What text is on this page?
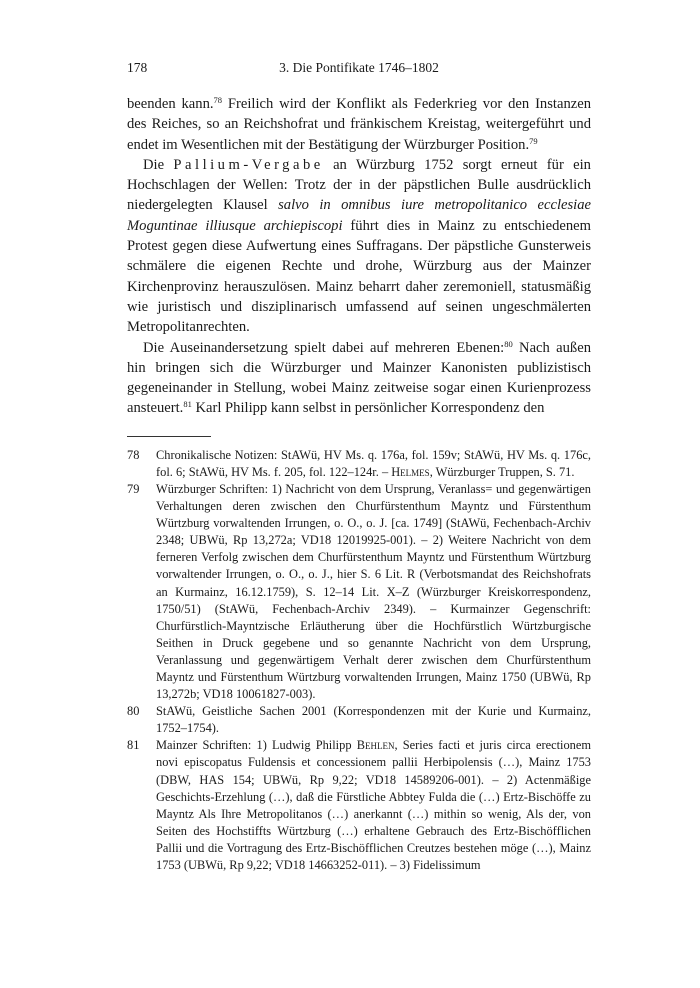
178	3. Die Pontifikate 1746–1802

beenden kann.$^{78}$ Freilich wird der Konflikt als Federkrieg vor den Instanzen des Reiches, so an Reichshofrat und fränkischem Kreistag, weitergeführt und endet im Wesentlichen mit der Bestätigung der Würzburger Position.$^{79}$

Die Pallium-Vergabe an Würzburg 1752 sorgt erneut für ein Hochschlagen der Wellen: Trotz der in der päpstlichen Bulle ausdrücklich niedergelegten Klausel salvo in omnibus iure metropolitanico ecclesiae Moguntinae illiusque archiepiscopi führt dies in Mainz zu entschiedenem Protest gegen diese Aufwertung eines Suffragans. Der päpstliche Gunsterweis schmälere die eigenen Rechte und drohe, Würzburg aus der Mainzer Kirchenprovinz herauszulösen. Mainz beharrt daher zeremoniell, statusmäßig wie juristisch und disziplinarisch umfassend auf seinen ungeschmälerten Metropolitanrechten.

Die Auseinandersetzung spielt dabei auf mehreren Ebenen:$^{80}$ Nach außen hin bringen sich die Würzburger und Mainzer Kanonisten publizistisch gegeneinander in Stellung, wobei Mainz zeitweise sogar einen Kurienprozess ansteuert.$^{81}$ Karl Philipp kann selbst in persönlicher Korrespondenz den

78	Chronikalische Notizen: StAWü, HV Ms. q. 176a, fol. 159v; StAWü, HV Ms. q. 176c, fol. 6; StAWü, HV Ms. f. 205, fol. 122–124r. – Helmes, Würzburger Truppen, S. 71.
79	Würzburger Schriften: 1) Nachricht von dem Ursprung, Veranlass= und gegenwärtigen Verhaltungen deren zwischen den Churfürstenthum Mayntz und Fürstenthum Würtzburg vorwaltenden Irrungen, o. O., o. J. [ca. 1749] (StAWü, Fechenbach-Archiv 2348; UBWü, Rp 13,272a; VD18 12019925-001). – 2) Weitere Nachricht von dem ferneren Verfolg zwischen dem Churfürstenthum Mayntz und Fürstenthum Würtzburg vorwaltender Irrungen, o. O., o. J., hier S. 6 Lit. R (Verbotsmandat des Reichshofrats an Kurmainz, 16.12.1759), S. 12–14 Lit. X–Z (Würzburger Kreiskorrespondenz, 1750/51) (StAWü, Fechenbach-Archiv 2349). – Kurmainzer Gegenschrift: Churfürstlich-Mayntzische Erläutherung über die Hochfürstlich Würtzburgische Seithen in Druck gegebene und so genannte Nachricht von dem Ursprung, Veranlassung und gegenwärtigem Verhalt derer zwischen dem Churfürstenthum Mayntz und Fürstenthum Würtzburg vorwaltenden Irrungen, Mainz 1750 (UBWü, Rp 13,272b; VD18 10061827-003).
80	StAWü, Geistliche Sachen 2001 (Korrespondenzen mit der Kurie und Kurmainz, 1752–1754).
81	Mainzer Schriften: 1) Ludwig Philipp Behlen, Series facti et juris circa erectionem novi episcopatus Fuldensis et concessionem pallii Herbipolensis (…), Mainz 1753 (DBW, HAS 154; UBWü, Rp 9,22; VD18 14589206-001). – 2) Actenmäßige Geschichts-Erzehlung (…), daß die Fürstliche Abbtey Fulda die (…) Ertz-Bischöffe zu Mayntz Als Ihre Metropolitanos (…) anerkannt (…) mithin so wenig, Als der, von Seiten des Hochstiffts Würtzburg (…) erhaltene Gebrauch des Ertz-Bischöfflichen Pallii und die Vortragung des Ertz-Bischöfflichen Creutzes bestehen möge (…), Mainz 1753 (UBWü, Rp 9,22; VD18 14663252-011). – 3) Fidelissimum
